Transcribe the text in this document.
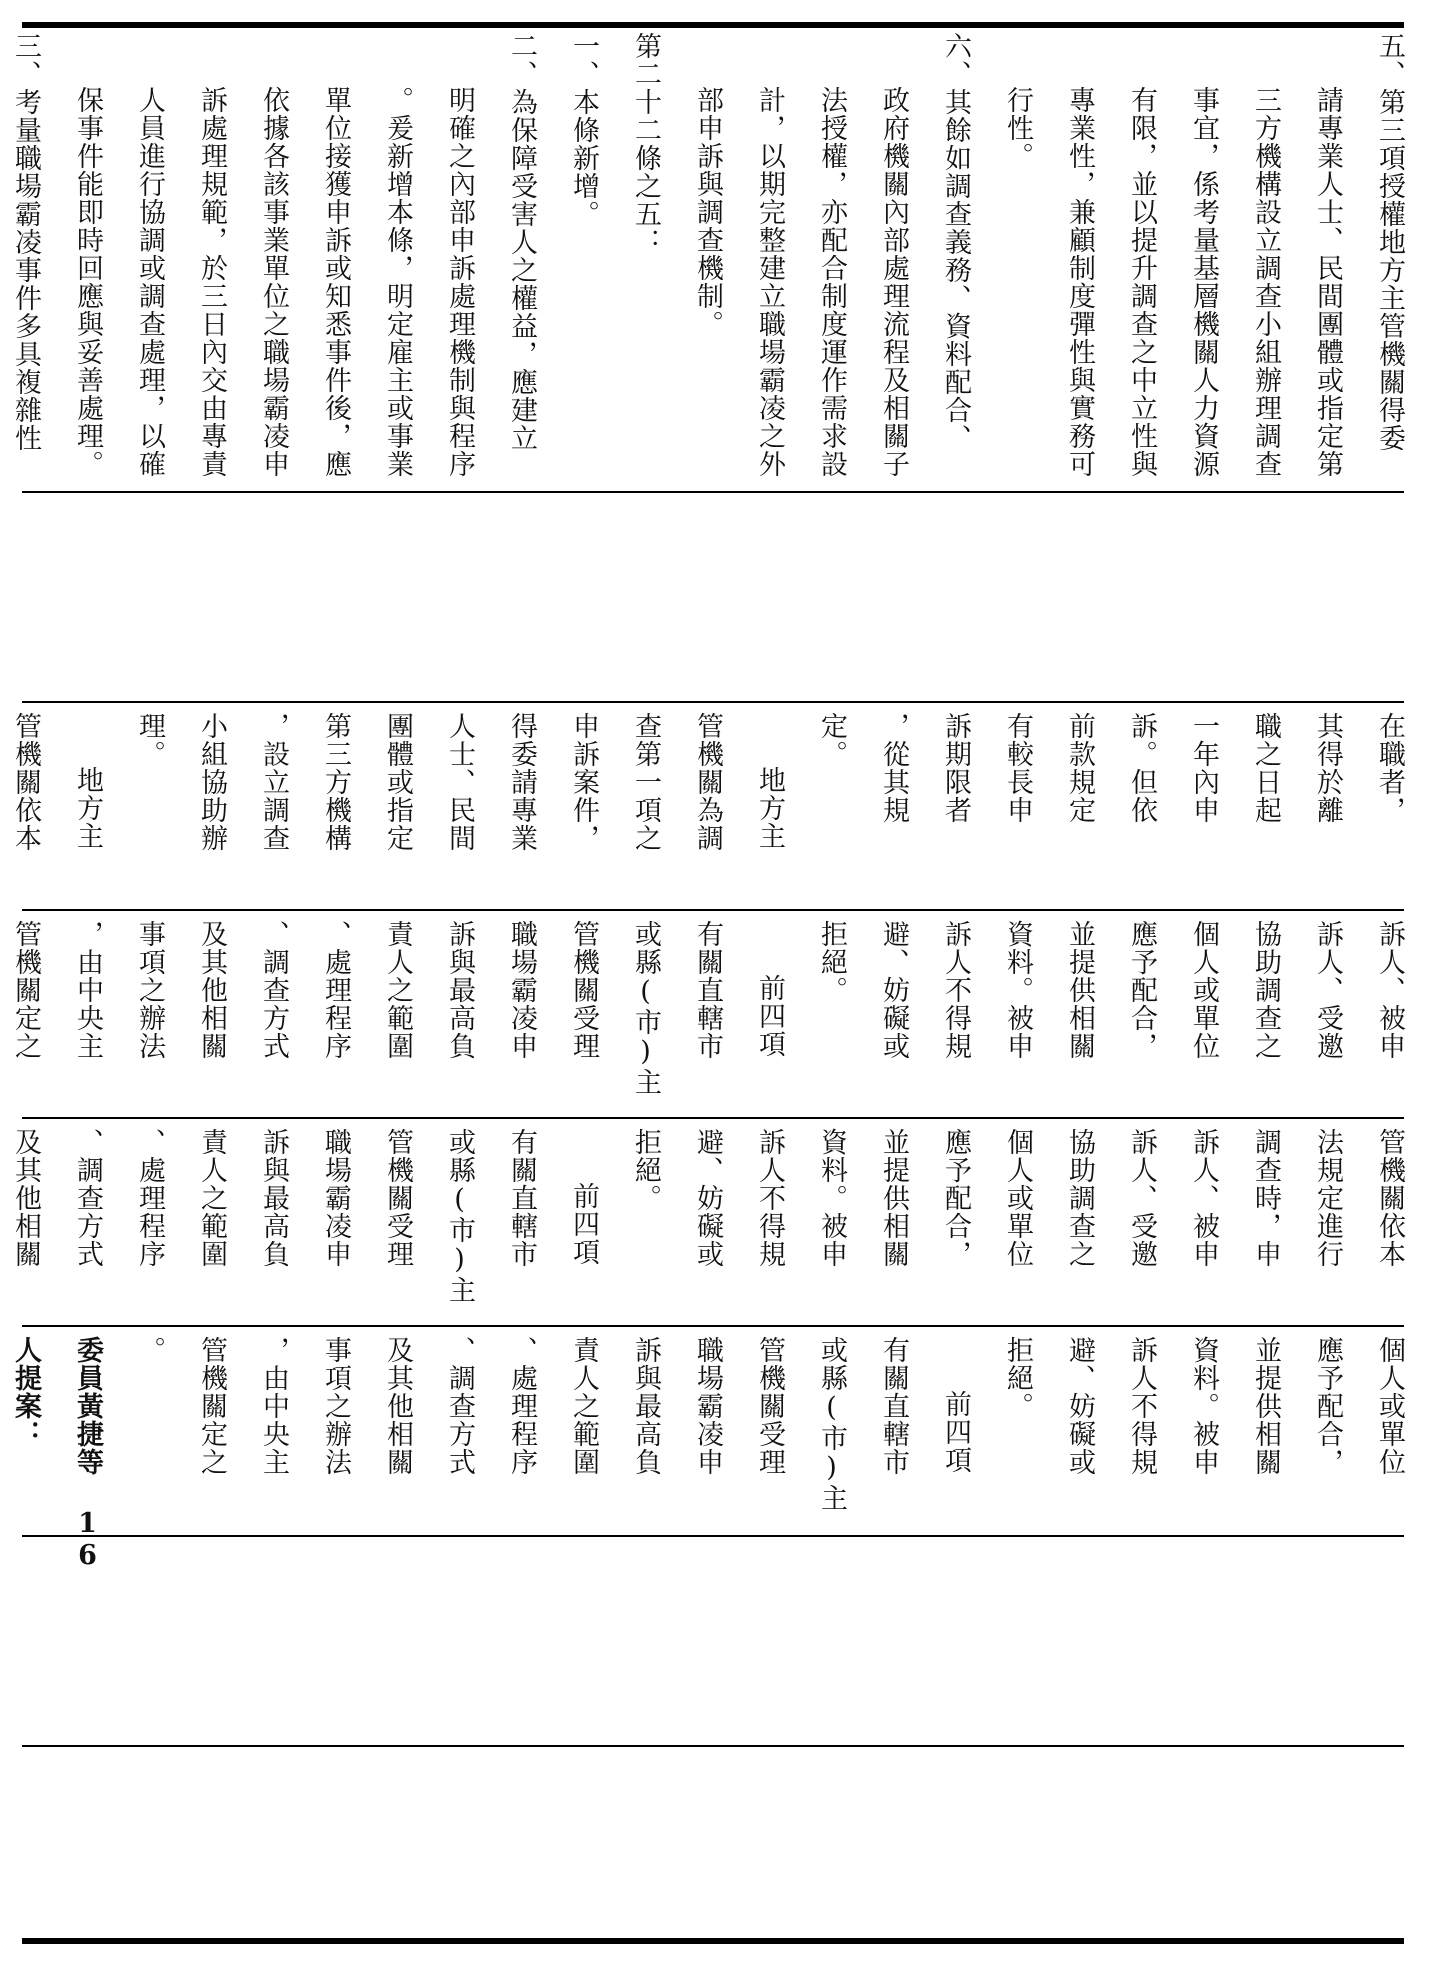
五、第三項授權地方主管機關得委
請專業人士、民間團體或指定第
三方機構設立調查小組辦理調查
事宜，係考量基層機關人力資源
有限，並以提升調查之中立性與
專業性，兼顧制度彈性與實務可
行性。
六、其餘如調查義務、資料配合、
政府機關內部處理流程及相關子
法授權，亦配合制度運作需求設
計，以期完整建立職場霸凌之外
部申訴與調查機制。
第二十二條之五：
一、本條新增。
二、為保障受害人之權益，應建立
明確之內部申訴處理機制與程序
。爰新增本條，明定雇主或事業
單位接獲申訴或知悉事件後，應
依據各該事業單位之職場霸凌申
訴處理規範，於三日內交由專責
人員進行協調或調查處理，以確
保事件能即時回應與妥善處理。
三、考量職場霸凌事件多具複雜性
在職者，
其得於離
職之日起
一年內申
訴。但依
前款規定
有較長申
訴期限者
，從其規
定。
地方主
管機關為調
查第一項之
申訴案件，
得委請專業
人士、民間
團體或指定
第三方機構
，設立調查
小組協助辦
理。
地方主
管機關依本
訴人、被申
訴人、受邀
協助調查之
個人或單位
應予配合，
並提供相關
資料。被申
訴人不得規
避、妨礙或
拒絕。
前四項
有關直轄市
或縣(市)主
管機關受理
職場霸凌申
訴與最高負
責人之範圍
、處理程序
、調查方式
及其他相關
事項之辦法
，由中央主
管機關定之
管機關依本
法規定進行
調查時，申
訴人、被申
訴人、受邀
協助調查之
個人或單位
應予配合，
並提供相關
資料。被申
訴人不得規
避、妨礙或
拒絕。
前四項
有關直轄市
或縣(市)主
管機關受理
職場霸凌申
訴與最高負
責人之範圍
、處理程序
、調查方式
及其他相關
個人或單位
應予配合，
並提供相關
資料。被申
訴人不得規
避、妨礙或
拒絕。
前四項
有關直轄市
或縣(市)主
管機關受理
職場霸凌申
訴與最高負
責人之範圍
、處理程序
、調查方式
及其他相關
事項之辦法
，由中央主
管機關定之
。
委員黃捷等 16
人提案：
